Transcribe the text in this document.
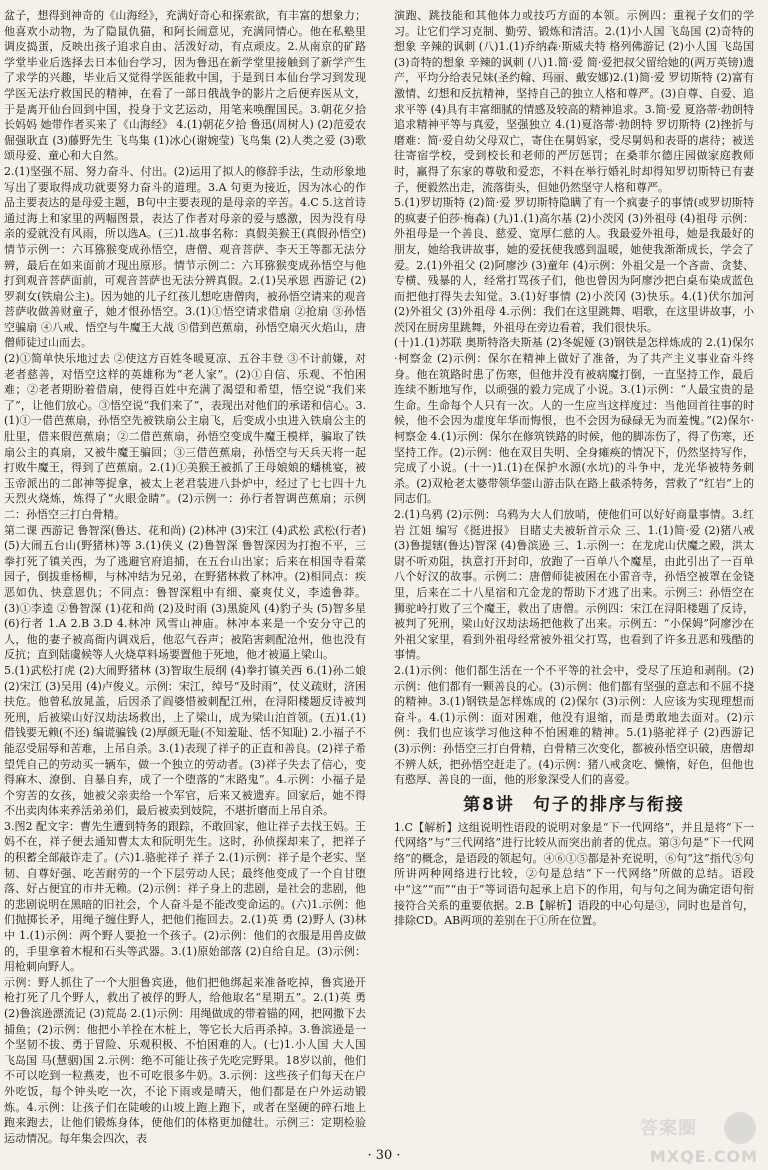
盆子，想得到神奇的《山海经》，充满好奇心和探索欲，有丰富的想象力；他喜欢小动物，为了隐鼠仇猫，和阿长闹意见，充满同情心。他在私塾里调皮捣蛋，反映出孩子追求自由、活泼好动，有点顽皮。2.从南京的矿路学堂毕业后选择去日本仙台学习，因为鲁迅在新学堂里接触到了新学产生了求学的兴趣，毕业后又觉得学医能救中国，于是到日本仙台学习到发现学医无法疗救国民的精神，在看了一部日俄战争的影片之后便弃医从文，于是离开仙台回到中国，投身于文艺运动，用笔来唤醒国民。3.朝花夕拾 长妈妈 她带作者买来了《山海经》 4.(1)朝花夕拾 鲁迅(周树人) (2)范爱农 倔强耿直 (3)藤野先生 飞鸟集 (1)冰心(谢婉莹) 飞鸟集 (2)人类之爱 (3)歌颂母爱、童心和大自然。

2.(1)坚强不屈、努力奋斗、付出。(2)运用了拟人的修辞手法，生动形象地写出了要取得成功就要努力奋斗的道理。3.A 句更为接近，因为冰心的作品主要表达的是母爱主题，B句中主要表现的是母亲的辛苦。4.C 5.这首诗通过海上和家里的两幅图景，表达了作者对母亲的爱与感激，因为没有母亲的爱就没有风雨，所以选A。(三)1.故事名称：真假美猴王(真假孙悟空) 情节示例一：六耳猕猴变成孙悟空，唐僧、观音菩萨、李天王等都无法分辨，最后在如来面前才现出原形。情节示例二：六耳猕猴变成孙悟空与他打到观音菩萨面前，可观音菩萨也无法分辨真假。2.(1)吴承恩 西游记 (2)罗刹女(铁扇公主)。因为她的儿子红孩儿想吃唐僧肉，被孙悟空请来的观音菩萨收做善财童子，她才恨孙悟空。3.(1)①悟空请求借扇 ②抢扇 ③孙悟空骗扇 ④八戒、悟空与牛魔王大战 ⑤借到芭蕉扇，孙悟空扇灭火焰山，唐僧师徒过山而去。

(2)①简单快乐地过去 ②使这方百姓冬暖夏凉、五谷丰登 ③不计前嫌，对老者慈善，对悟空这样的英雄称为“老人家”。(2)①自信、乐观、不怕困难；②老者期盼着借扇，使得百姓中充满了渴望和希望，悟空说“我们来了”，让他们放心。③悟空说“我们来了”，表现出对他们的承诺和信心。3.(1)①一借芭蕉扇，孙悟空先被铁扇公主扇飞，后变成小虫进入铁扇公主的肚里，借来假芭蕉扇；②二借芭蕉扇，孙悟空变成牛魔王模样，骗取了铁扇公主的真扇，又被牛魔王骗回；③三借芭蕉扇，孙悟空与天兵天将一起打败牛魔王，得到了芭蕉扇。2.(1)①美猴王被抓了王母娘娘的蟠桃宴，被玉帝派出的二郎神等捉拿，被太上老君装进八卦炉中，经过了七七四十九天烈火烧炼，炼得了“火眼金睛”。(2)示例一：孙行者智调芭蕉扇；示例二：孙悟空三打白骨精。

第二课 西游记 鲁智深(鲁达、花和尚) (2)林冲 (3)宋江 (4)武松 武松(行者) (5)大闹五台山(野猪林)等 3.(1)侠义 (2)鲁智深 鲁智深因为打抱不平，三拳打死了镇关西，为了逃避官府追捕，在五台山出家；后来在相国寺看菜园子，倒拔垂杨柳，与林冲结为兄弟，在野猪林救了林冲。(2)相同点：疾恶如仇、快意恩仇；不同点：鲁智深粗中有细、豪爽仗义，李逵鲁莽。(3)①李逵 ②鲁智深 (1)花和尚 (2)及时雨 (3)黑旋风 (4)豹子头 (5)智多星 (6)行者 1.A 2.B 3.D 4.林冲 风雪山神庙。林冲本来是一个安分守己的人，他的妻子被高衙内调戏后，他忍气吞声；被陷害刺配沧州，他也没有反抗；直到陆虞候等人火烧草料场要置他于死地，他才被逼上梁山。

5.(1)武松打虎 (2)大闹野猪林 (3)智取生辰纲 (4)拳打镇关西 6.(1)孙二娘 (2)宋江 (3)吴用 (4)卢俊义。示例：宋江，绰号“及时雨”，仗义疏财，济困扶危。他曾私放晁盖，后因杀了阎婆惜被刺配江州，在浔阳楼题反诗被判死刑，后被梁山好汉劫法场救出，上了梁山，成为梁山泊首领。(五)1.(1)借钱要无赖(不还) 编谎骗钱 (2)厚颜无耻(不知羞耻、恬不知耻) 2.小福子不能忍受屈辱和苦难，上吊自杀。3.(1)表现了祥子的正直和善良。(2)祥子希望凭自己的劳动买一辆车，做一个独立的劳动者。(3)祥子失去了信心，变得麻木、潦倒、自暴自弃，成了一个堕落的“末路鬼”。4.示例：小福子是个穷苦的女孩，她被父亲卖给一个军官，后来又被遗弃。回家后，她不得不出卖肉体来养活弟弟们，最后被卖到妓院，不堪折磨而上吊自杀。

3.图2 配文字：曹先生遭到特务的跟踪，不敢回家，他让祥子去找王妈。王妈不在，祥子便去通知曹太太和阮明先生。这时，孙侦探却来了，把祥子的积蓄全部敲诈走了。(六)1.骆驼祥子 祥子 2.(1)示例：祥子是个老实、坚韧、自尊好强、吃苦耐劳的一个下层劳动人民；最终他变成了一个自甘堕落、好占便宜的市井无赖。(2)示例：祥子身上的悲剧，是社会的悲剧，他的悲剧说明在黑暗的旧社会，个人奋斗是不能改变命运的。(六)1.示例：他们抛掷长矛，用绳子缠住野人，把他们拖回去。2.(1)英 勇 (2)野人 (3)林中 1.(1)示例：两个野人要抢一个孩子。(2)示例：他们的衣服是用兽皮做的，手里拿着木棍和石头等武器。3.(1)原始部落 (2)自给自足。(3)示例：用枪刺向野人。

示例：野人抓住了一个大胆鲁宾逊，他们把他绑起来准备吃掉，鲁宾逊开枪打死了几个野人，救出了被俘的野人，给他取名“星期五”。2.(1)英 勇 (2)鲁滨逊漂流记 (3)荒岛 2.(1)示例：用绳做成的带着锚的网，把网撒下去捕鱼；(2)示例：他把小羊拴在木桩上，等它长大后再杀掉。3.鲁滨逊是一个坚韧不拔、勇于冒险、乐观积极、不怕困难的人。(七)1.小人国 大人国 飞岛国 马(慧骃)国 2.示例：绝不可能让孩子先吃完野果。18岁以前，他们不可以吃到一粒燕麦，也不可吃很多牛奶。3.示例：这些孩子们每天在户外吃饭，每个钟头吃一次，不论下雨或是晴天，他们都是在户外运动锻炼。4.示例：让孩子们在陡峻的山坡上跑上跑下，或者在坚硬的碎石地上跑来跑去，让他们锻炼身体，使他们的体格更加健壮。示例三：定期检验运动情况。每年集会四次，表

演跑、跳技能和其他体力或技巧方面的本领。示例四：重视子女们的学习。让它们学习克制、勤劳、锻炼和清洁。2.(1)小人国 飞岛国 (2)奇特的想象 辛辣的讽刺 (八)1.(1)乔纳森·斯威夫特 格列佛游记 (2)小人国 飞岛国 (3)奇特的想象 辛辣的讽刺 (八)1.简·爱 简·爱把叔父留给她的(两万英镑)遗产，平均分给表兄妹(圣约翰、玛丽、戴安娜)2.(1)简·爱 罗切斯特 (2)富有激情、幻想和反抗精神，坚持自己的独立人格和尊严。(3)自尊、自爱、追求平等 (4)具有丰富细腻的情感及较高的精神追求。3.简·爱 夏洛蒂·勃朗特 追求精神平等与真爱，坚强独立 4.(1)夏洛蒂·勃朗特 罗切斯特 (2)挫折与磨难：简·爱自幼父母双亡，寄住在舅妈家，受尽舅妈和表哥的虐待；被送往寄宿学校，受到校长和老师的严厉惩罚；在桑菲尔德庄园做家庭教师时，赢得了东家的尊敬和爱恋，不料在举行婚礼时却得知罗切斯特已有妻子，便毅然出走，流落街头，但她仍然坚守人格和尊严。

5.(1)罗切斯特 (2)简·爱 罗切斯特隐瞒了有一个疯妻子的事情(或罗切斯特的疯妻子伯莎·梅森) (九)1.(1)高尔基 (2)小茨冈 (3)外祖母 (4)祖母 示例：外祖母是一个善良、慈爱、宽厚仁慈的人。我最爱外祖母，她是我最好的朋友，她给我讲故事，她的爱抚使我感到温暖，她使我渐渐成长，学会了爱。2.(1)外祖父 (2)阿廖沙 (3)童年 (4)示例：外祖父是一个吝啬、贪婪、专横、残暴的人，经常打骂孩子们，他也曾因为阿廖沙把白桌布染成蓝色而把他打得失去知觉。3.(1)好事情 (2)小茨冈 (3)快乐。4.(1)伏尔加河 (2)外祖父 (3)外祖母 4.示例：我们在这里跳舞、唱歌，在这里讲故事，小茨冈在厨房里跳舞，外祖母在旁边看着，我们很快乐。

(十)1.(1)苏联 奥斯特洛夫斯基 (2)冬妮娅 (3)钢铁是怎样炼成的 2.(1)保尔·柯察金 (2)示例：保尔在精神上做好了准备，为了共产主义事业奋斗终身。他在筑路时患了伤寒，但他并没有被病魔打倒，一直坚持工作，最后连续不断地写作，以顽强的毅力完成了小说。3.(1)示例：“人最宝贵的是生命。生命每个人只有一次。人的一生应当这样度过：当他回首往事的时候，他不会因为虚度年华而悔恨，也不会因为碌碌无为而羞愧。”(2)保尔·柯察金 4.(1)示例：保尔在修筑铁路的时候，他的脚冻伤了，得了伤寒，还坚持工作。(2)示例：他在双目失明、全身瘫痪的情况下，仍然坚持写作，完成了小说。(十一)1.(1)在保护水源(水坑)的斗争中，龙光华被特务刺杀。(2)双枪老太婆带领华蓥山游击队在路上截杀特务，营救了“红岩”上的同志们。

2.(1)乌鸦 (2)示例：乌鸦为大人们放哨，使他们可以好好商量事情。3.红岩 江姐 编写《挺进报》 目睹丈夫被斩首示众 三、1.(1)简·爱 (2)猪八戒 (3)鲁提辖(鲁达)智深 (4)鲁滨逊 三、1.示例一：在龙虎山伏魔之殿，洪太尉不听劝阻，执意打开封印，放跑了一百单八个魔星，由此引出了一百单八个好汉的故事。示例二：唐僧师徒被困在小雷音寺，孙悟空被罩在金铙里，后来在二十八星宿和亢金龙的帮助下才逃了出来。示例三：孙悟空在狮驼岭打败了三个魔王，救出了唐僧。示例四：宋江在浔阳楼题了反诗，被判了死刑，梁山好汉劫法场把他救了出来。示例五：“小保姆”阿廖沙在外祖父家里，看到外祖母经常被外祖父打骂，也看到了许多丑恶和残酷的事情。

2.(1)示例：他们都生活在一个不平等的社会中，受尽了压迫和剥削。(2)示例：他们都有一颗善良的心。(3)示例：他们都有坚强的意志和不屈不挠的精神。3.(1)钢铁是怎样炼成的 (2)保尔 (3)示例：人应该为实现理想而奋斗。4.(1)示例：面对困难，他没有退缩，而是勇敢地去面对。(2)示例：我们也应该学习他这种不怕困难的精神。5.(1)骆驼祥子 (2)西游记 (3)示例：孙悟空三打白骨精，白骨精三次变化，都被孙悟空识破，唐僧却不辨人妖，把孙悟空赶走了。(4)示例：猪八戒贪吃、懒惰，好色，但他也有憨厚、善良的一面，他的形象深受人们的喜爱。

第8讲 句子的排序与衔接

1.C【解析】这组说明性语段的说明对象是“下一代网络”，并且是将“下一代网络”与“三代网络”进行比较从而突出前者的优点。第③句是“下一代网络”的概念，是语段的领起句。④⑥①⑤都是补充说明，⑥句“这”指代⑤句所讲两种网络进行比较，②句是总结“下一代网络”所做的总结。语段中“这”“而”“由于”等词语句起承上启下的作用，句与句之间为确定语句衔接符合关系的重要依据。2.B【解析】语段的中心句是③，同时也是首句，排除CD。AB两项的差别在于①所在位置。

· 30 ·
答案圈
MXQE.COM
